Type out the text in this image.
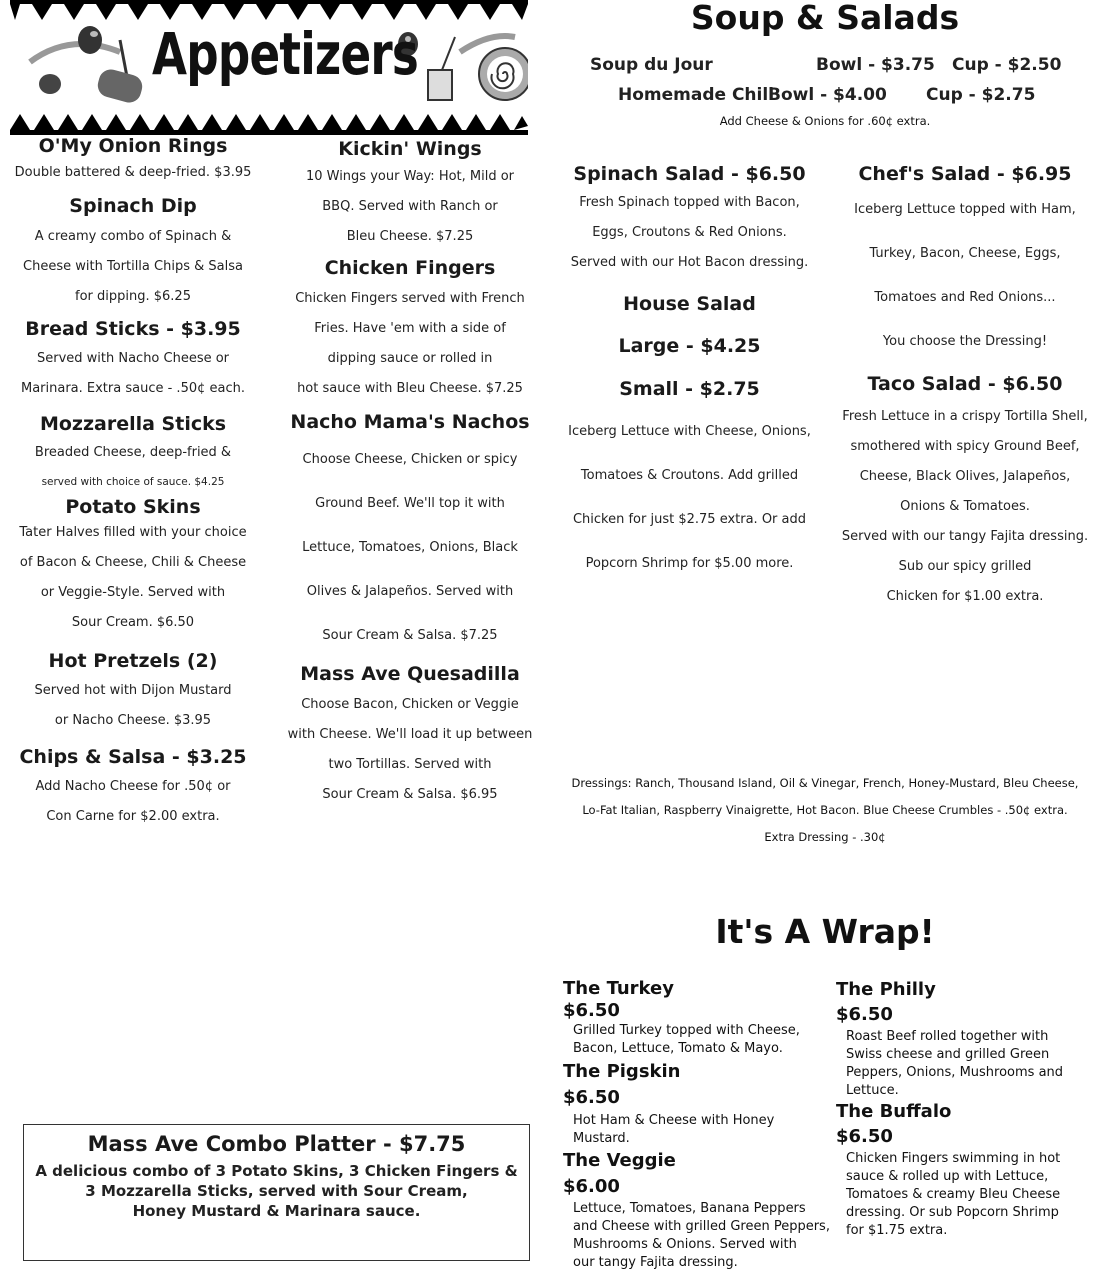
Appetizers
O'My Onion Rings
Double battered & deep-fried. $3.95
Spinach Dip
A creamy combo of Spinach &
Cheese with Tortilla Chips & Salsa
for dipping. $6.25
Bread Sticks - $3.95
Served with Nacho Cheese or
Marinara. Extra sauce - .50¢ each.
Mozzarella Sticks
Breaded Cheese, deep-fried &
served with choice of sauce. $4.25
Potato Skins
Tater Halves filled with your choice
of Bacon & Cheese, Chili & Cheese
or Veggie-Style. Served with
Sour Cream. $6.50
Hot Pretzels (2)
Served hot with Dijon Mustard
or Nacho Cheese. $3.95
Chips & Salsa - $3.25
Add Nacho Cheese for .50¢ or
Con Carne for $2.00 extra.
Kickin' Wings
10 Wings your Way: Hot, Mild or
BBQ. Served with Ranch or
Bleu Cheese. $7.25
Chicken Fingers
Chicken Fingers served with French
Fries. Have 'em with a side of
dipping sauce or rolled in
hot sauce with Bleu Cheese. $7.25
Nacho Mama's Nachos
Choose Cheese, Chicken or spicy
Ground Beef. We'll top it with
Lettuce, Tomatoes, Onions, Black
Olives & Jalapeños. Served with
Sour Cream & Salsa. $7.25
Mass Ave Quesadilla
Choose Bacon, Chicken or Veggie
with Cheese. We'll load it up between
two Tortillas. Served with
Sour Cream & Salsa. $6.95
Mass Ave Combo Platter - $7.75
A delicious combo of 3 Potato Skins, 3 Chicken Fingers &
3 Mozzarella Sticks, served with Sour Cream,
Honey Mustard & Marinara sauce.
Soup & Salads
Soup du Jour	Bowl - $3.75 Cup - $2.50
Homemade Chili
Bowl - $4.00 Cup - $2.75
Add Cheese & Onions for .60¢ extra.
Spinach Salad - $6.50
Fresh Spinach topped with Bacon,
Eggs, Croutons & Red Onions.
Served with our Hot Bacon dressing.
House Salad
Large - $4.25
Small - $2.75
Iceberg Lettuce with Cheese, Onions,
Tomatoes & Croutons. Add grilled
Chicken for just $2.75 extra. Or add
Popcorn Shrimp for $5.00 more.
Chef's Salad - $6.95
Iceberg Lettuce topped with Ham,
Turkey, Bacon, Cheese, Eggs,
Tomatoes and Red Onions...
You choose the Dressing!
Taco Salad - $6.50
Fresh Lettuce in a crispy Tortilla Shell,
smothered with spicy Ground Beef,
Cheese, Black Olives, Jalapeños,
Onions & Tomatoes.
Served with our tangy Fajita dressing.
Sub our spicy grilled
Chicken for $1.00 extra.
Dressings: Ranch, Thousand Island, Oil & Vinegar, French, Honey-Mustard, Bleu Cheese,
Lo-Fat Italian, Raspberry Vinaigrette, Hot Bacon. Blue Cheese Crumbles - .50¢ extra.
Extra Dressing - .30¢
It's A Wrap!
The Turkey
$6.50
Grilled Turkey topped with Cheese,
Bacon, Lettuce, Tomato & Mayo.
The Pigskin
$6.50
Hot Ham & Cheese with Honey
Mustard.
The Veggie
$6.00
Lettuce, Tomatoes, Banana Peppers
and Cheese with grilled Green Peppers,
Mushrooms & Onions. Served with
our tangy Fajita dressing.
The Philly
$6.50
Roast Beef rolled together with
Swiss cheese and grilled Green
Peppers, Onions, Mushrooms and
Lettuce.
The Buffalo
$6.50
Chicken Fingers swimming in hot
sauce & rolled up with Lettuce,
Tomatoes & creamy Bleu Cheese
dressing. Or sub Popcorn Shrimp
for $1.75 extra.
